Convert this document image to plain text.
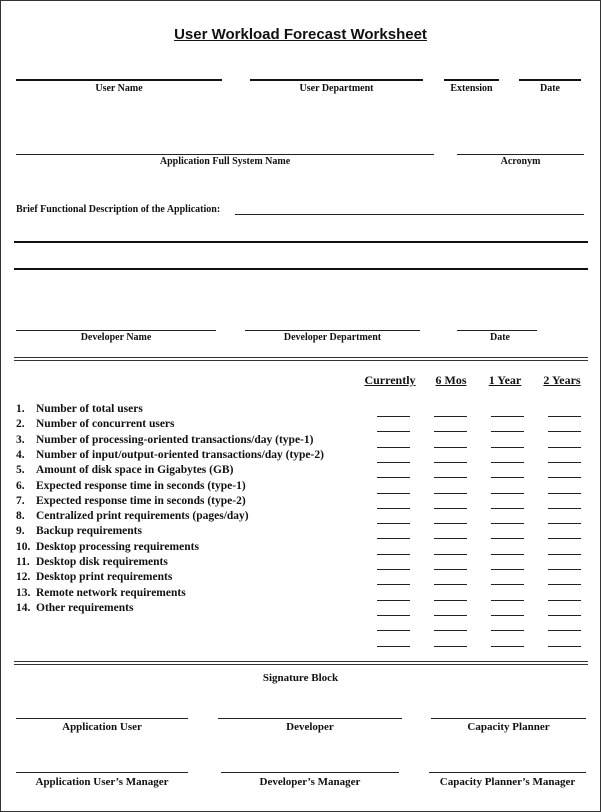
User Workload Forecast Worksheet
User Name	User Department	Extension	Date
Application Full System Name	Acronym
Brief Functional Description of the Application:
Developer Name	Developer Department	Date
Currently	6 Mos	1 Year	2 Years
1. Number of total users
2. Number of concurrent users
3. Number of processing-oriented transactions/day (type-1)
4. Number of input/output-oriented transactions/day (type-2)
5. Amount of disk space in Gigabytes (GB)
6. Expected response time in seconds (type-1)
7. Expected response time in seconds (type-2)
8. Centralized print requirements (pages/day)
9. Backup requirements
10. Desktop processing requirements
11. Desktop disk requirements
12. Desktop print requirements
13. Remote network requirements
14. Other requirements
Signature Block
Application User	Developer	Capacity Planner
Application User’s Manager	Developer’s Manager	Capacity Planner’s Manager
